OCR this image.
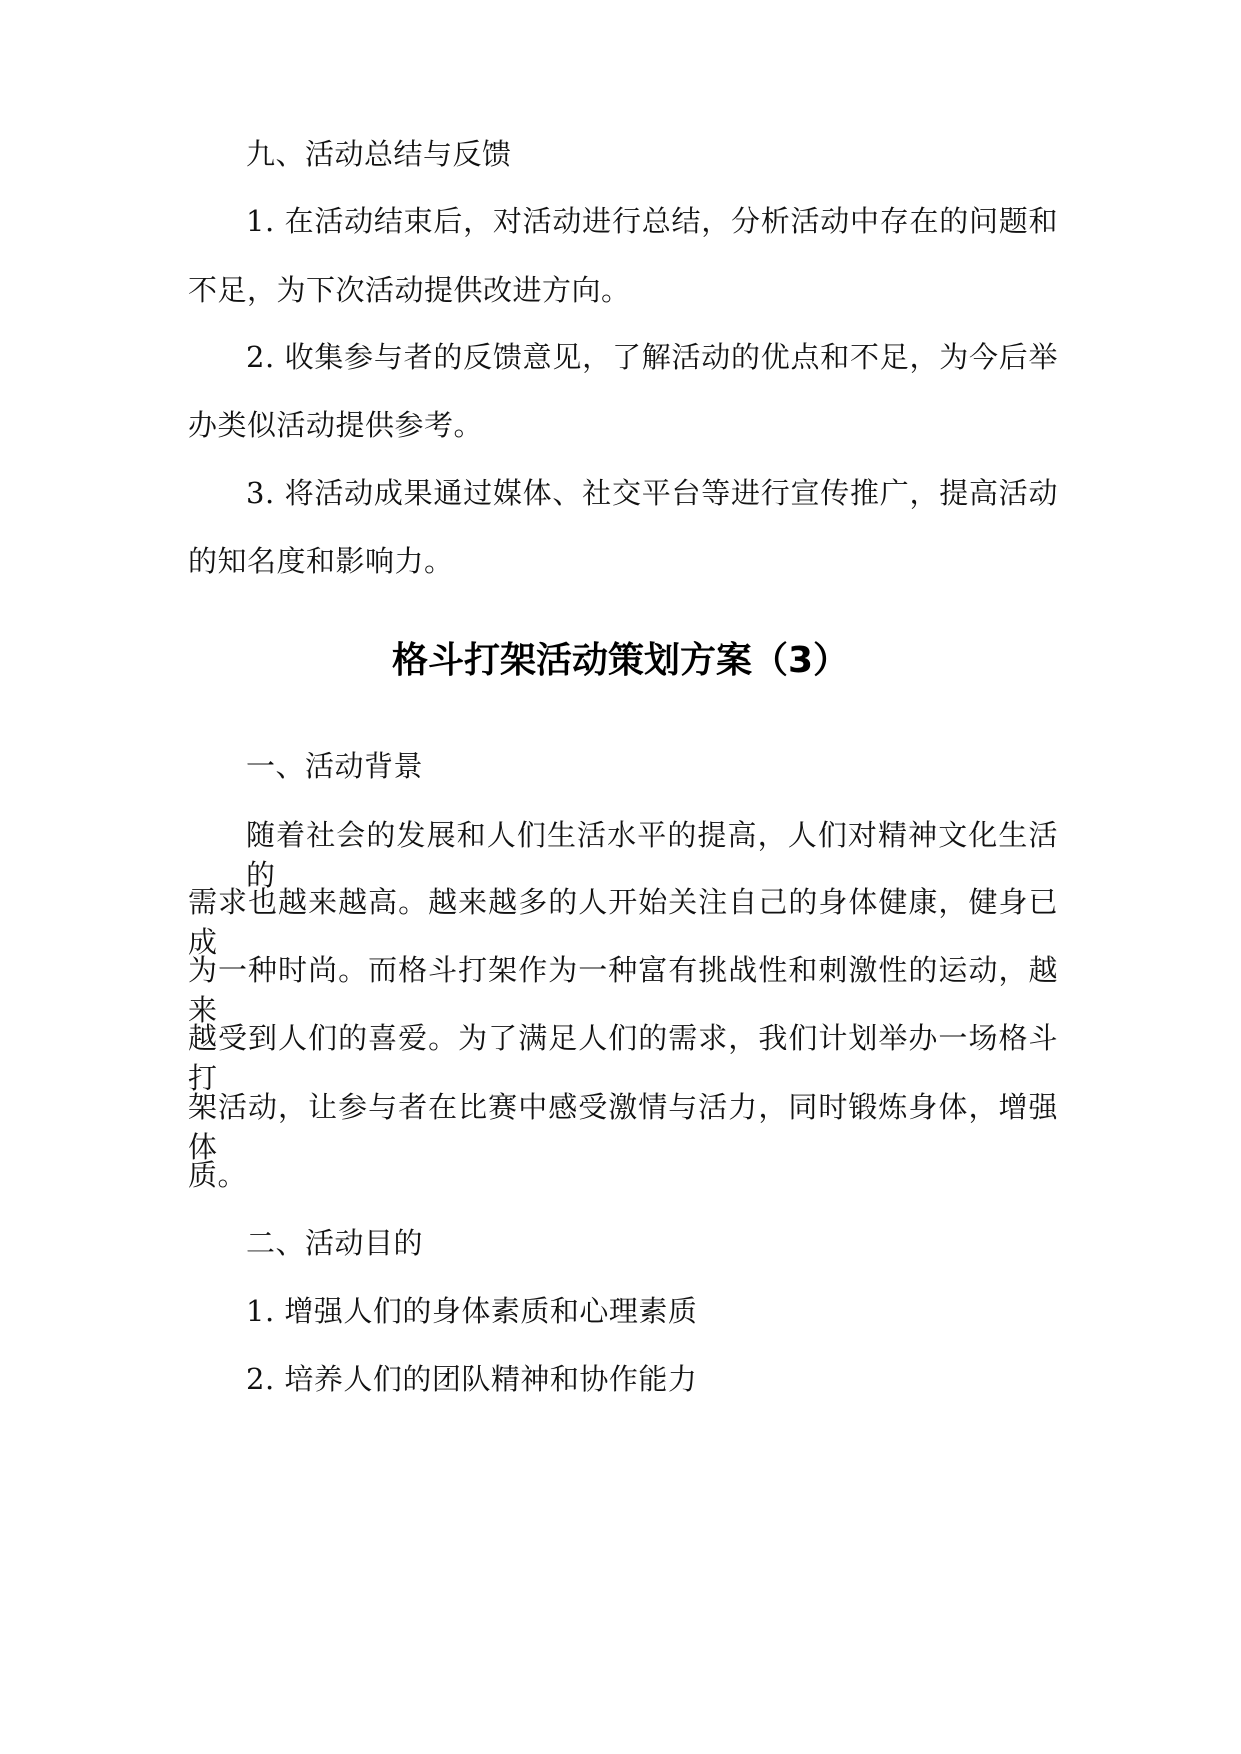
九、活动总结与反馈
1. 在活动结束后，对活动进行总结，分析活动中存在的问题和
不足，为下次活动提供改进方向。
2. 收集参与者的反馈意见，了解活动的优点和不足，为今后举
办类似活动提供参考。
3. 将活动成果通过媒体、社交平台等进行宣传推广，提高活动
的知名度和影响力。
格斗打架活动策划方案（3）
一、活动背景
随着社会的发展和人们生活水平的提高，人们对精神文化生活的
需求也越来越高。越来越多的人开始关注自己的身体健康，健身已成
为一种时尚。而格斗打架作为一种富有挑战性和刺激性的运动，越来
越受到人们的喜爱。为了满足人们的需求，我们计划举办一场格斗打
架活动，让参与者在比赛中感受激情与活力，同时锻炼身体，增强体
质。
二、活动目的
1. 增强人们的身体素质和心理素质
2. 培养人们的团队精神和协作能力
